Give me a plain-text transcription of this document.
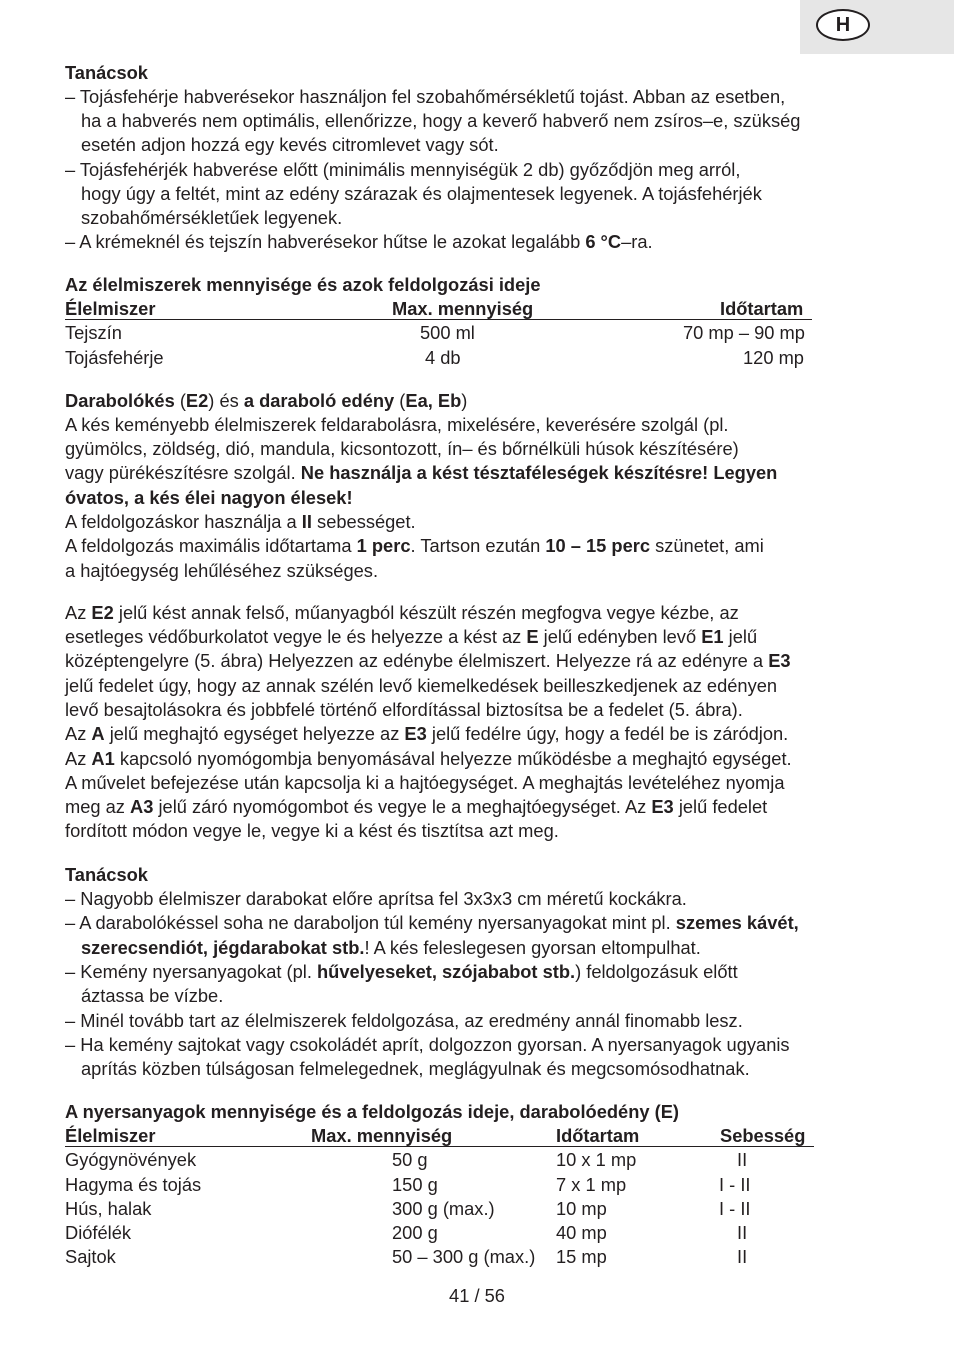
H
Tanácsok
– Tojásfehérje habverésekor használjon fel szobahőmérsékletű tojást. Abban az esetben,
ha a habverés nem optimális, ellenőrizze, hogy a keverő habverő nem zsíros–e, szükség
esetén adjon hozzá egy kevés citromlevet vagy sót.
– Tojásfehérjék habverése előtt (minimális mennyiségük 2 db) győződjön meg arról,
hogy úgy a feltét, mint az edény szárazak és olajmentesek legyenek. A tojásfehérjék
szobahőmérsékletűek legyenek.
– A krémeknél és tejszín habverésekor hűtse le azokat legalább 6 °C–ra.
Az élelmiszerek mennyisége és azok feldolgozási ideje
Élelmiszer	Max. mennyiség	Időtartam
Tejszín	500 ml	70 mp – 90 mp
Tojásfehérje	4 db	120 mp
Darabolókés (E2) és a daraboló edény (Ea, Eb)
A kés keményebb élelmiszerek feldarabolásra, mixelésére, keverésére szolgál (pl.
gyümölcs, zöldség, dió, mandula, kicsontozott, ín– és bőrnélküli húsok készítésére)
vagy pürékészítésre szolgál. Ne használja a kést tésztaféleségek készítésre! Legyen
óvatos, a kés élei nagyon élesek!
A feldolgozáskor használja a II sebességet.
A feldolgozás maximális időtartama 1 perc. Tartson ezután 10 – 15 perc szünetet, ami
a hajtóegység lehűléséhez szükséges.
Az E2 jelű kést annak felső, műanyagból készült részén megfogva vegye kézbe, az
esetleges védőburkolatot vegye le és helyezze a kést az E jelű edényben levő E1 jelű
középtengelyre (5. ábra) Helyezzen az edénybe élelmiszert. Helyezze rá az edényre a E3
jelű fedelet úgy, hogy az annak szélén levő kiemelkedések beilleszkedjenek az edényen
levő besajtolásokra és jobbfelé történő elfordítással biztosítsa be a fedelet (5. ábra).
Az A jelű meghajtó egységet helyezze az E3 jelű fedélre úgy, hogy a fedél be is záródjon.
Az A1 kapcsoló nyomógombja benyomásával helyezze működésbe a meghajtó egységet.
A művelet befejezése után kapcsolja ki a hajtóegységet. A meghajtás levételéhez nyomja
meg az A3 jelű záró nyomógombot és vegye le a meghajtóegységet. Az E3 jelű fedelet
fordított módon vegye le, vegye ki a kést és tisztítsa azt meg.
Tanácsok
– Nagyobb élelmiszer darabokat előre aprítsa fel 3x3x3 cm méretű kockákra.
– A darabolókéssel soha ne daraboljon túl kemény nyersanyagokat mint pl. szemes kávét,
szerecsendiót, jégdarabokat stb.! A kés feleslegesen gyorsan eltompulhat.
– Kemény nyersanyagokat (pl. hűvelyeseket, szójababot stb.) feldolgozásuk előtt
áztassa be vízbe.
– Minél tovább tart az élelmiszerek feldolgozása, az eredmény annál finomabb lesz.
– Ha kemény sajtokat vagy csokoládét aprít, dolgozzon gyorsan. A nyersanyagok ugyanis
aprítás közben túlságosan felmelegednek, meglágyulnak és megcsomósodhatnak.
A nyersanyagok mennyisége és a feldolgozás ideje, darabolóedény (E)
Élelmiszer	Max. mennyiség	Időtartam	Sebesség
Gyógynövények	50 g	10 x 1 mp	II
Hagyma és tojás	150 g	7 x 1 mp	I - II
Hús, halak	300 g (max.)	10 mp	I - II
Diófélék	200 g	40 mp	II
Sajtok	50 – 300 g (max.) 15 mp	II
41 / 56
